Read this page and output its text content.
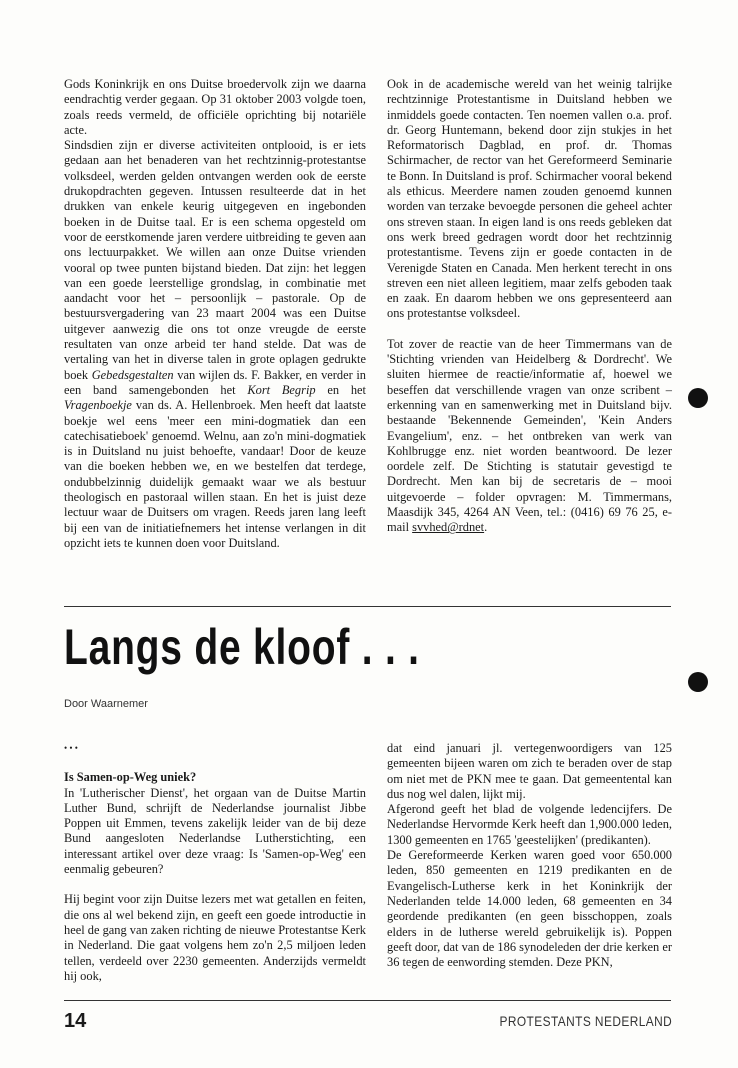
Gods Koninkrijk en ons Duitse broedervolk zijn we daarna eendrachtig verder gegaan. Op 31 oktober 2003 volgde toen, zoals reeds vermeld, de officiële oprichting bij notariële acte.

Sindsdien zijn er diverse activiteiten ontplooid, is er iets gedaan aan het benaderen van het rechtzinnig-protestantse volksdeel, werden gelden ontvangen werden ook de eerste drukopdrachten gegeven. Intussen resulteerde dat in het drukken van enkele keurig uitgegeven en ingebonden boeken in de Duitse taal. Er is een schema opgesteld om voor de eerstkomende jaren verdere uitbreiding te geven aan ons lectuurpakket. We willen aan onze Duitse vrienden vooral op twee punten bijstand bieden. Dat zijn: het leggen van een goede leerstellige grondslag, in combinatie met aandacht voor het – persoonlijk – pastorale. Op de bestuursvergadering van 23 maart 2004 was een Duitse uitgever aanwezig die ons tot onze vreugde de eerste resultaten van onze arbeid ter hand stelde. Dat was de vertaling van het in diverse talen in grote oplagen gedrukte boek Gebedsgestalten van wijlen ds. F. Bakker, en verder in een band samengebonden het Kort Begrip en het Vragenboekje van ds. A. Hellenbroek. Men heeft dat laatste boekje wel eens 'meer een mini-dogmatiek dan een catechisatieboek' genoemd. Welnu, aan zo'n mini-dogmatiek is in Duitsland nu juist behoefte, vandaar! Door de keuze van die boeken hebben we, en we bestelfen dat terdege, ondubbelzinnig duidelijk gemaakt waar we als bestuur theologisch en pastoraal willen staan. En het is juist deze lectuur waar de Duitsers om vragen. Reeds jaren lang leeft bij een van de initiatiefnemers het intense verlangen in dit opzicht iets te kunnen doen voor Duitsland.

Ook in de academische wereld van het weinig talrijke rechtzinnige Protestantisme in Duitsland hebben we inmiddels goede contacten. Ten noemen vallen o.a. prof. dr. Georg Huntemann, bekend door zijn stukjes in het Reformatorisch Dagblad, en prof. dr. Thomas Schirmacher, de rector van het Gereformeerd Seminarie te Bonn. In Duitsland is prof. Schirmacher vooral bekend als ethicus. Meerdere namen zouden genoemd kunnen worden van terzake bevoegde personen die geheel achter ons streven staan. In eigen land is ons reeds gebleken dat ons werk breed gedragen wordt door het rechtzinnig protestantisme. Tevens zijn er goede contacten in de Verenigde Staten en Canada. Men herkent terecht in ons streven een niet alleen legitiem, maar zelfs geboden taak en zaak. En daarom hebben we ons gepresenteerd aan ons protestantse volksdeel.

Tot zover de reactie van de heer Timmermans van de 'Stichting vrienden van Heidelberg & Dordrecht'. We sluiten hiermee de reactie/informatie af, hoewel we beseffen dat verschillende vragen van onze scribent – erkenning van en samenwerking met in Duitsland bijv. bestaande 'Bekennende Gemeinden', 'Kein Anders Evangelium', enz. – het ontbreken van werk van Kohlbrugge enz. niet worden beantwoord. De lezer oordele zelf. De Stichting is statutair gevestigd te Dordrecht. Men kan bij de secretaris de – mooi uitgevoerde – folder opvragen: M. Timmermans, Maasdijk 345, 4264 AN Veen, tel.: (0416) 69 76 25, e-mail svvhed@rdnet.

Langs de kloof . . .
Door Waarnemer

• • •

Is Samen-op-Weg uniek?

In 'Lutherischer Dienst', het orgaan van de Duitse Martin Luther Bund, schrijft de Nederlandse journalist Jibbe Poppen uit Emmen, tevens zakelijk leider van de bij deze Bund aangesloten Nederlandse Lutherstichting, een interessant artikel over deze vraag: Is 'Samen-op-Weg' een eenmalig gebeuren?

Hij begint voor zijn Duitse lezers met wat getallen en feiten, die ons al wel bekend zijn, en geeft een goede introductie in heel de gang van zaken richting de nieuwe Protestantse Kerk in Nederland. Die gaat volgens hem zo'n 2,5 miljoen leden tellen, verdeeld over 2230 gemeenten. Anderzijds vermeldt hij ook,

dat eind januari jl. vertegenwoordigers van 125 gemeenten bijeen waren om zich te beraden over de stap om niet met de PKN mee te gaan. Dat gemeentental kan dus nog wel dalen, lijkt mij.

Afgerond geeft het blad de volgende ledencijfers. De Nederlandse Hervormde Kerk heeft dan 1,900.000 leden, 1300 gemeenten en 1765 'geestelijken' (predikanten).

De Gereformeerde Kerken waren goed voor 650.000 leden, 850 gemeenten en 1219 predikanten en de Evangelisch-Lutherse kerk in het Koninkrijk der Nederlanden telde 14.000 leden, 68 gemeenten en 34 geordende predikanten (en geen bisschoppen, zoals elders in de lutherse wereld gebruikelijk is). Poppen geeft door, dat van de 186 synodeleden der drie kerken er 36 tegen de eenwording stemden. Deze PKN,

14	PROTESTANTS NEDERLAND
